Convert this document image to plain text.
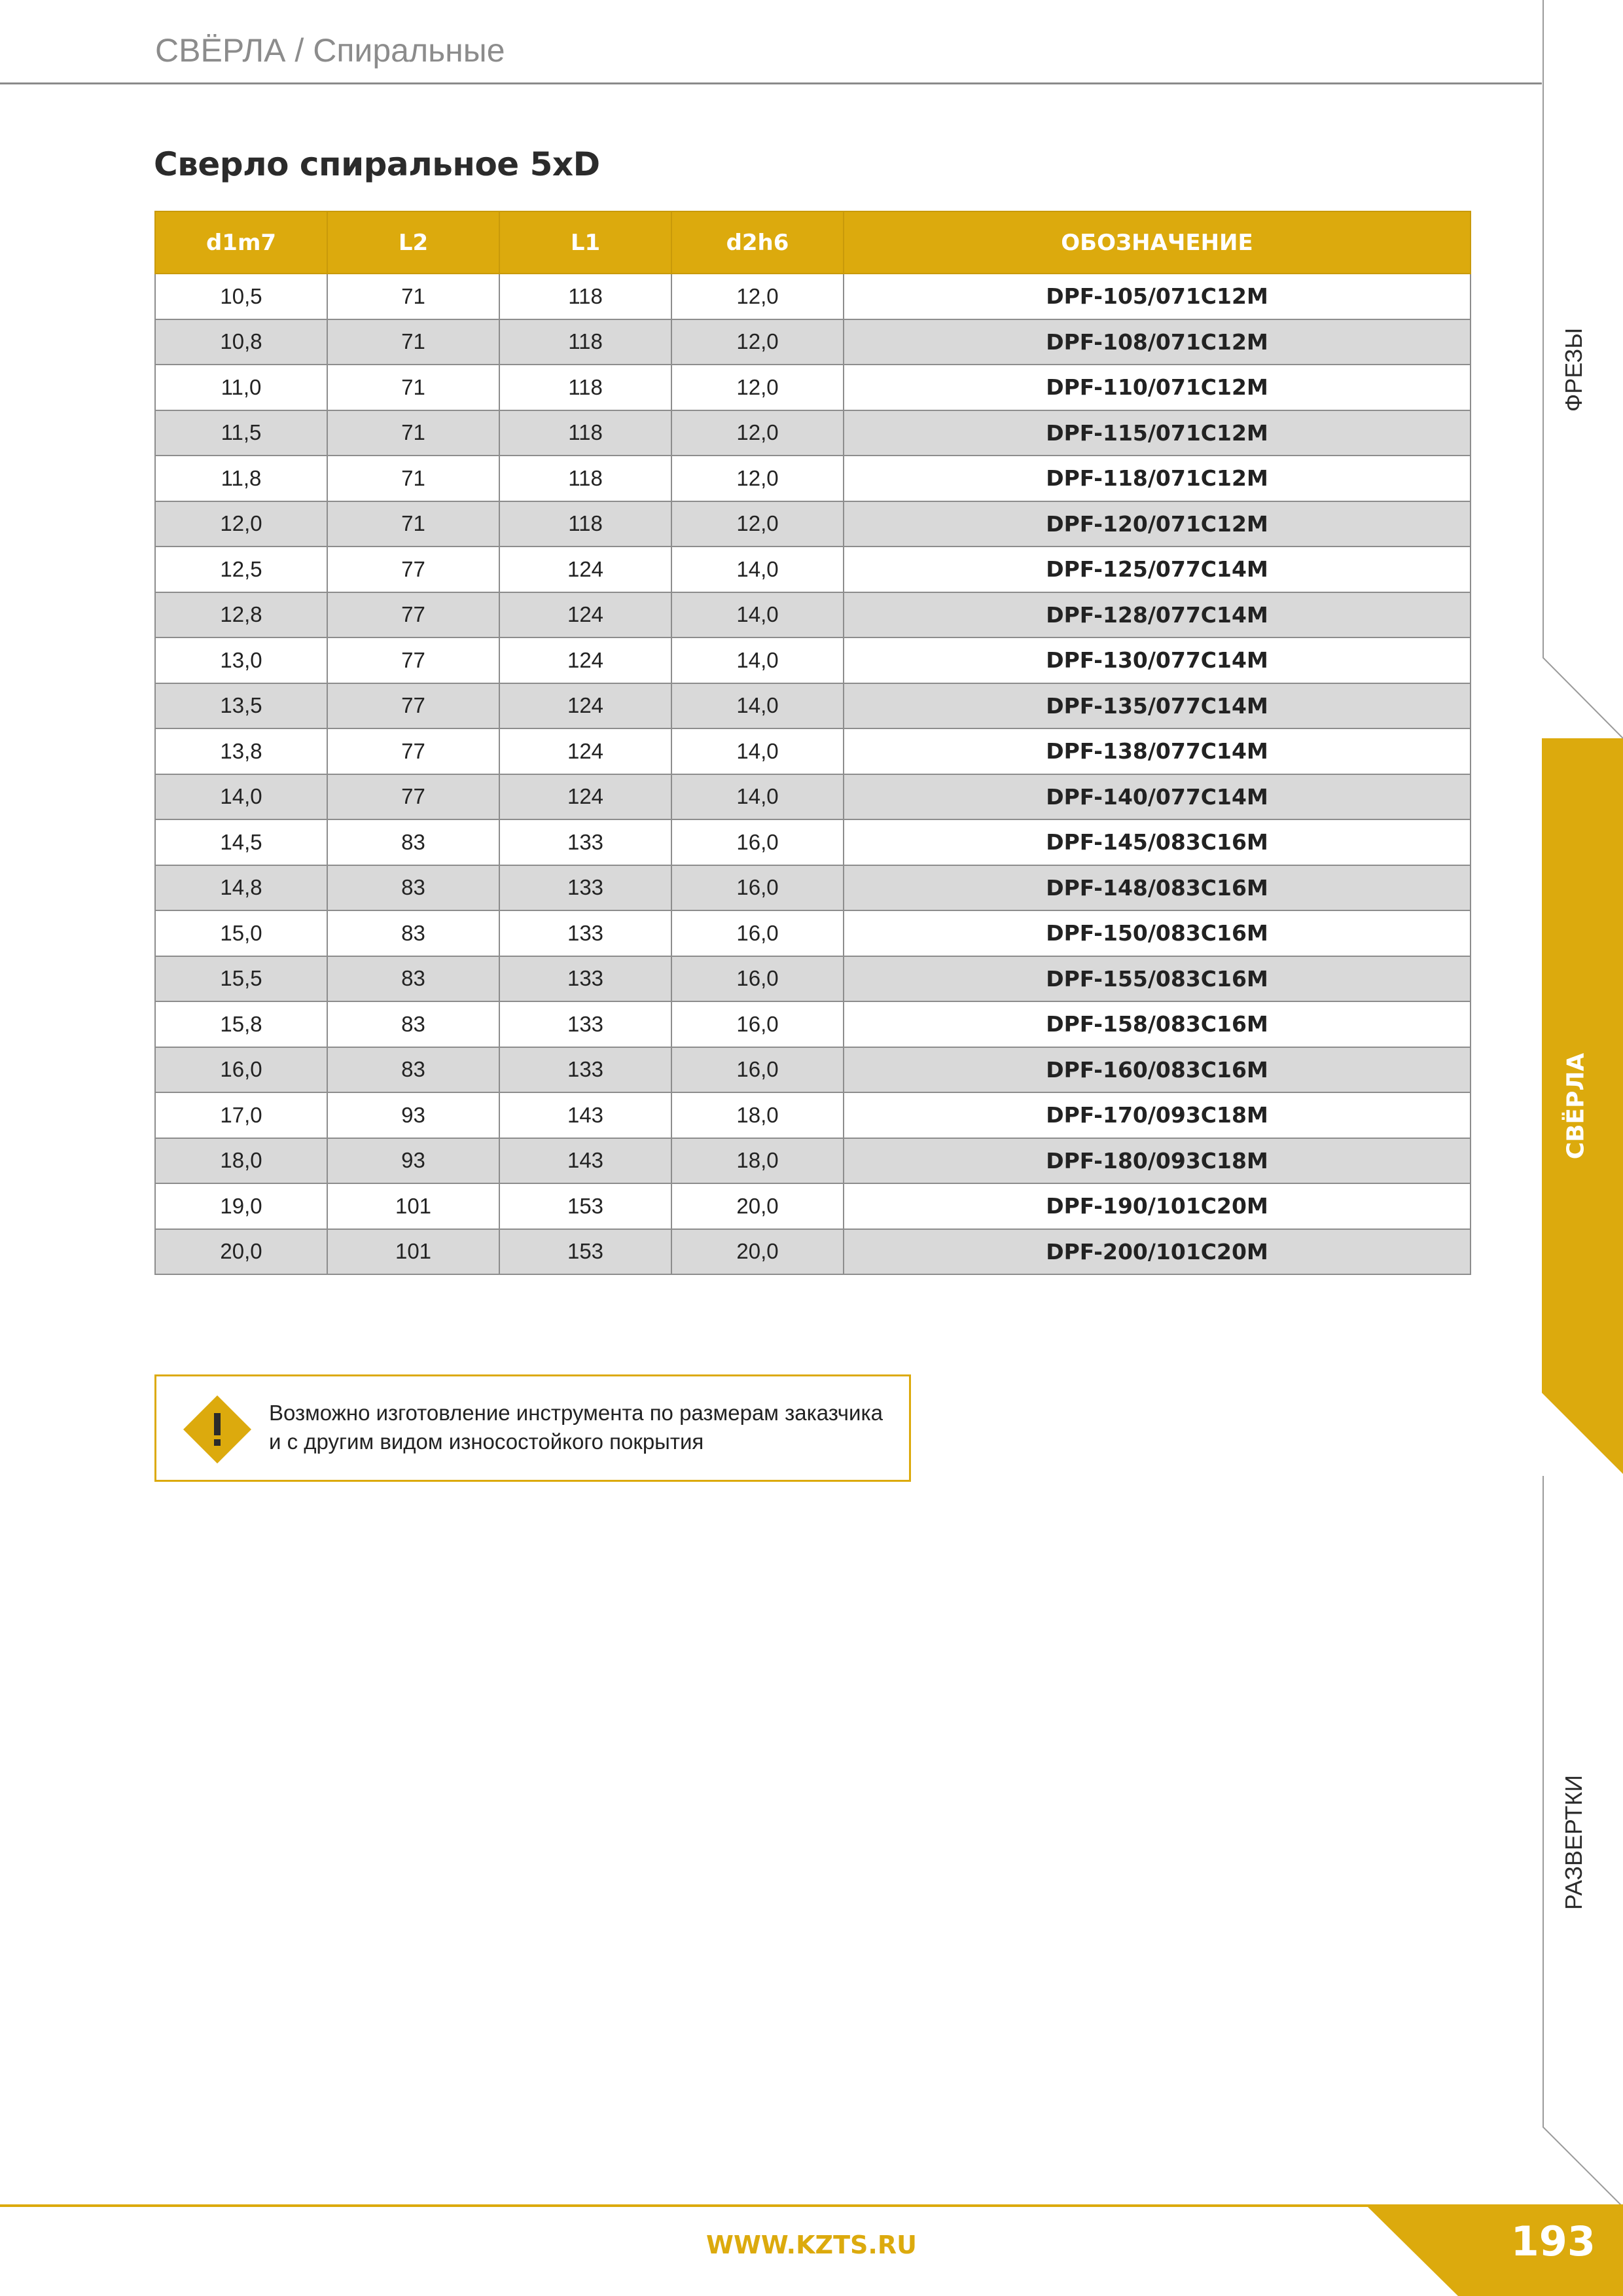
СВЁРЛА / Спиральные
Сверло спиральное 5xD
d1m7	L2	L1	d2h6	ОБОЗНАЧЕНИЕ
10,5	71	118	12,0	DPF-105/071C12M
10,8	71	118	12,0	DPF-108/071C12M
11,0	71	118	12,0	DPF-110/071C12M
11,5	71	118	12,0	DPF-115/071C12M
11,8	71	118	12,0	DPF-118/071C12M
12,0	71	118	12,0	DPF-120/071C12M
12,5	77	124	14,0	DPF-125/077C14M
12,8	77	124	14,0	DPF-128/077C14M
13,0	77	124	14,0	DPF-130/077C14M
13,5	77	124	14,0	DPF-135/077C14M
13,8	77	124	14,0	DPF-138/077C14M
14,0	77	124	14,0	DPF-140/077C14M
14,5	83	133	16,0	DPF-145/083C16M
14,8	83	133	16,0	DPF-148/083C16M
15,0	83	133	16,0	DPF-150/083C16M
15,5	83	133	16,0	DPF-155/083C16M
15,8	83	133	16,0	DPF-158/083C16M
16,0	83	133	16,0	DPF-160/083C16M
17,0	93	143	18,0	DPF-170/093C18M
18,0	93	143	18,0	DPF-180/093C18M
19,0	101	153	20,0	DPF-190/101C20M
20,0	101	153	20,0	DPF-200/101C20M
Возможно изготовление инструмента по размерам заказчика
и с другим видом износостойкого покрытия
ФРЕЗЫ
СВЁРЛА
РАЗВЕРТКИ
WWW.KZTS.RU	193
